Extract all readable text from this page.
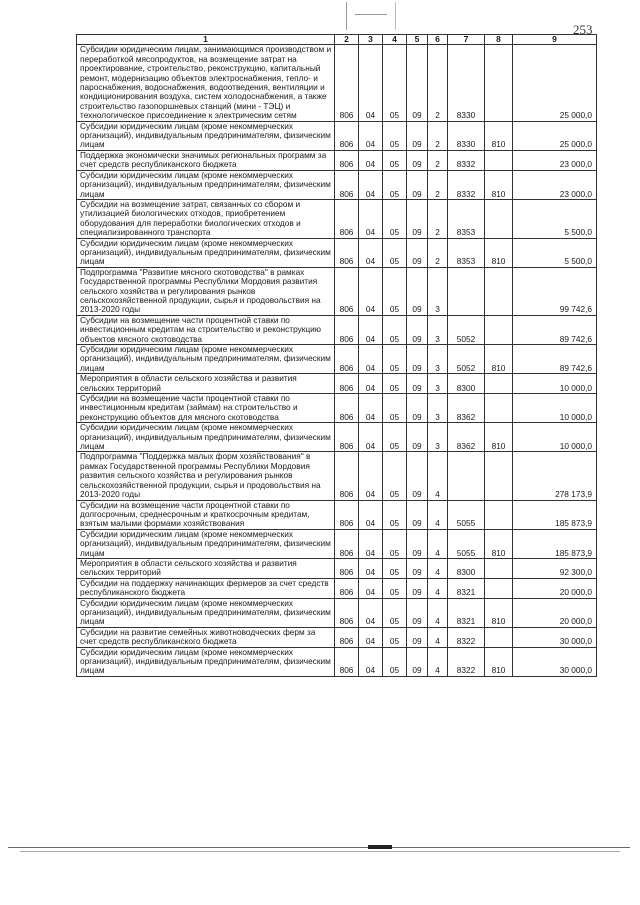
253
1	2	3	4	5	6	7	8	9
Субсидии юридическим лицам, занимающимся производством и переработкой мясопродуктов, на возмещение затрат на проектирование, строительство, реконструкцию, капитальный ремонт, модернизацию объектов электроснабжения, тепло- и пароснабжения, водоснабжения, водоотведения, вентиляции и кондиционирования воздуха, систем холодоснабжения, а также строительство газопоршневых станций (мини - ТЭЦ) и технологическое присоединение к электрическим сетям	806	04	05	09	2	8330		25 000,0
Субсидии юридическим лицам (кроме некоммерческих организаций), индивидуальным предпринимателям, физическим лицам	806	04	05	09	2	8330	810	25 000,0
Поддержка экономически значимых региональных программ за счет средств республиканского бюджета	806	04	05	09	2	8332		23 000,0
Субсидии юридическим лицам (кроме некоммерческих организаций), индивидуальным предпринимателям, физическим лицам	806	04	05	09	2	8332	810	23 000,0
Субсидии на возмещение затрат, связанных со сбором и утилизацией биологических отходов, приобретением оборудования для переработки биологических отходов и специализированного транспорта	806	04	05	09	2	8353		5 500,0
Субсидии юридическим лицам (кроме некоммерческих организаций), индивидуальным предпринимателям, физическим лицам	806	04	05	09	2	8353	810	5 500,0
Подпрограмма "Развитие мясного скотоводства" в рамках Государственной программы Республики Мордовия развития сельского хозяйства и регулирования рынков сельскохозяйственной продукции, сырья и продовольствия на 2013-2020 годы	806	04	05	09	3			99 742,6
Субсидии на возмещение части процентной ставки по инвестиционным кредитам на строительство и реконструкцию объектов мясного скотоводства	806	04	05	09	3	5052		89 742,6
Субсидии юридическим лицам (кроме некоммерческих организаций), индивидуальным предпринимателям, физическим лицам	806	04	05	09	3	5052	810	89 742,6
Мероприятия в области сельского хозяйства и развития сельских территорий	806	04	05	09	3	8300		10 000,0
Субсидии на возмещение части процентной ставки по инвестиционным кредитам (займам) на строительство и реконструкцию объектов для мясного скотоводства	806	04	05	09	3	8362		10 000,0
Субсидии юридическим лицам (кроме некоммерческих организаций), индивидуальным предпринимателям, физическим лицам	806	04	05	09	3	8362	810	10 000,0
Подпрограмма "Поддержка малых форм хозяйствования" в рамках Государственной программы Республики Мордовия развития сельского хозяйства и регулирования рынков сельскохозяйственной продукции, сырья и продовольствия на 2013-2020 годы	806	04	05	09	4			278 173,9
Субсидии на возмещение части процентной ставки по долгосрочным, среднесрочным и краткосрочным кредитам, взятым малыми формами хозяйствования	806	04	05	09	4	5055		185 873,9
Субсидии юридическим лицам (кроме некоммерческих организаций), индивидуальным предпринимателям, физическим лицам	806	04	05	09	4	5055	810	185 873,9
Мероприятия в области сельского хозяйства и развития сельских территорий	806	04	05	09	4	8300		92 300,0
Субсидии на поддержку начинающих фермеров за счет средств республиканского бюджета	806	04	05	09	4	8321		20 000,0
Субсидии юридическим лицам (кроме некоммерческих организаций), индивидуальным предпринимателям, физическим лицам	806	04	05	09	4	8321	810	20 000,0
Субсидии на развитие семейных животноводческих ферм за счет средств республиканского бюджета	806	04	05	09	4	8322		30 000,0
Субсидии юридическим лицам (кроме некоммерческих организаций), индивидуальным предпринимателям, физическим лицам	806	04	05	09	4	8322	810	30 000,0
